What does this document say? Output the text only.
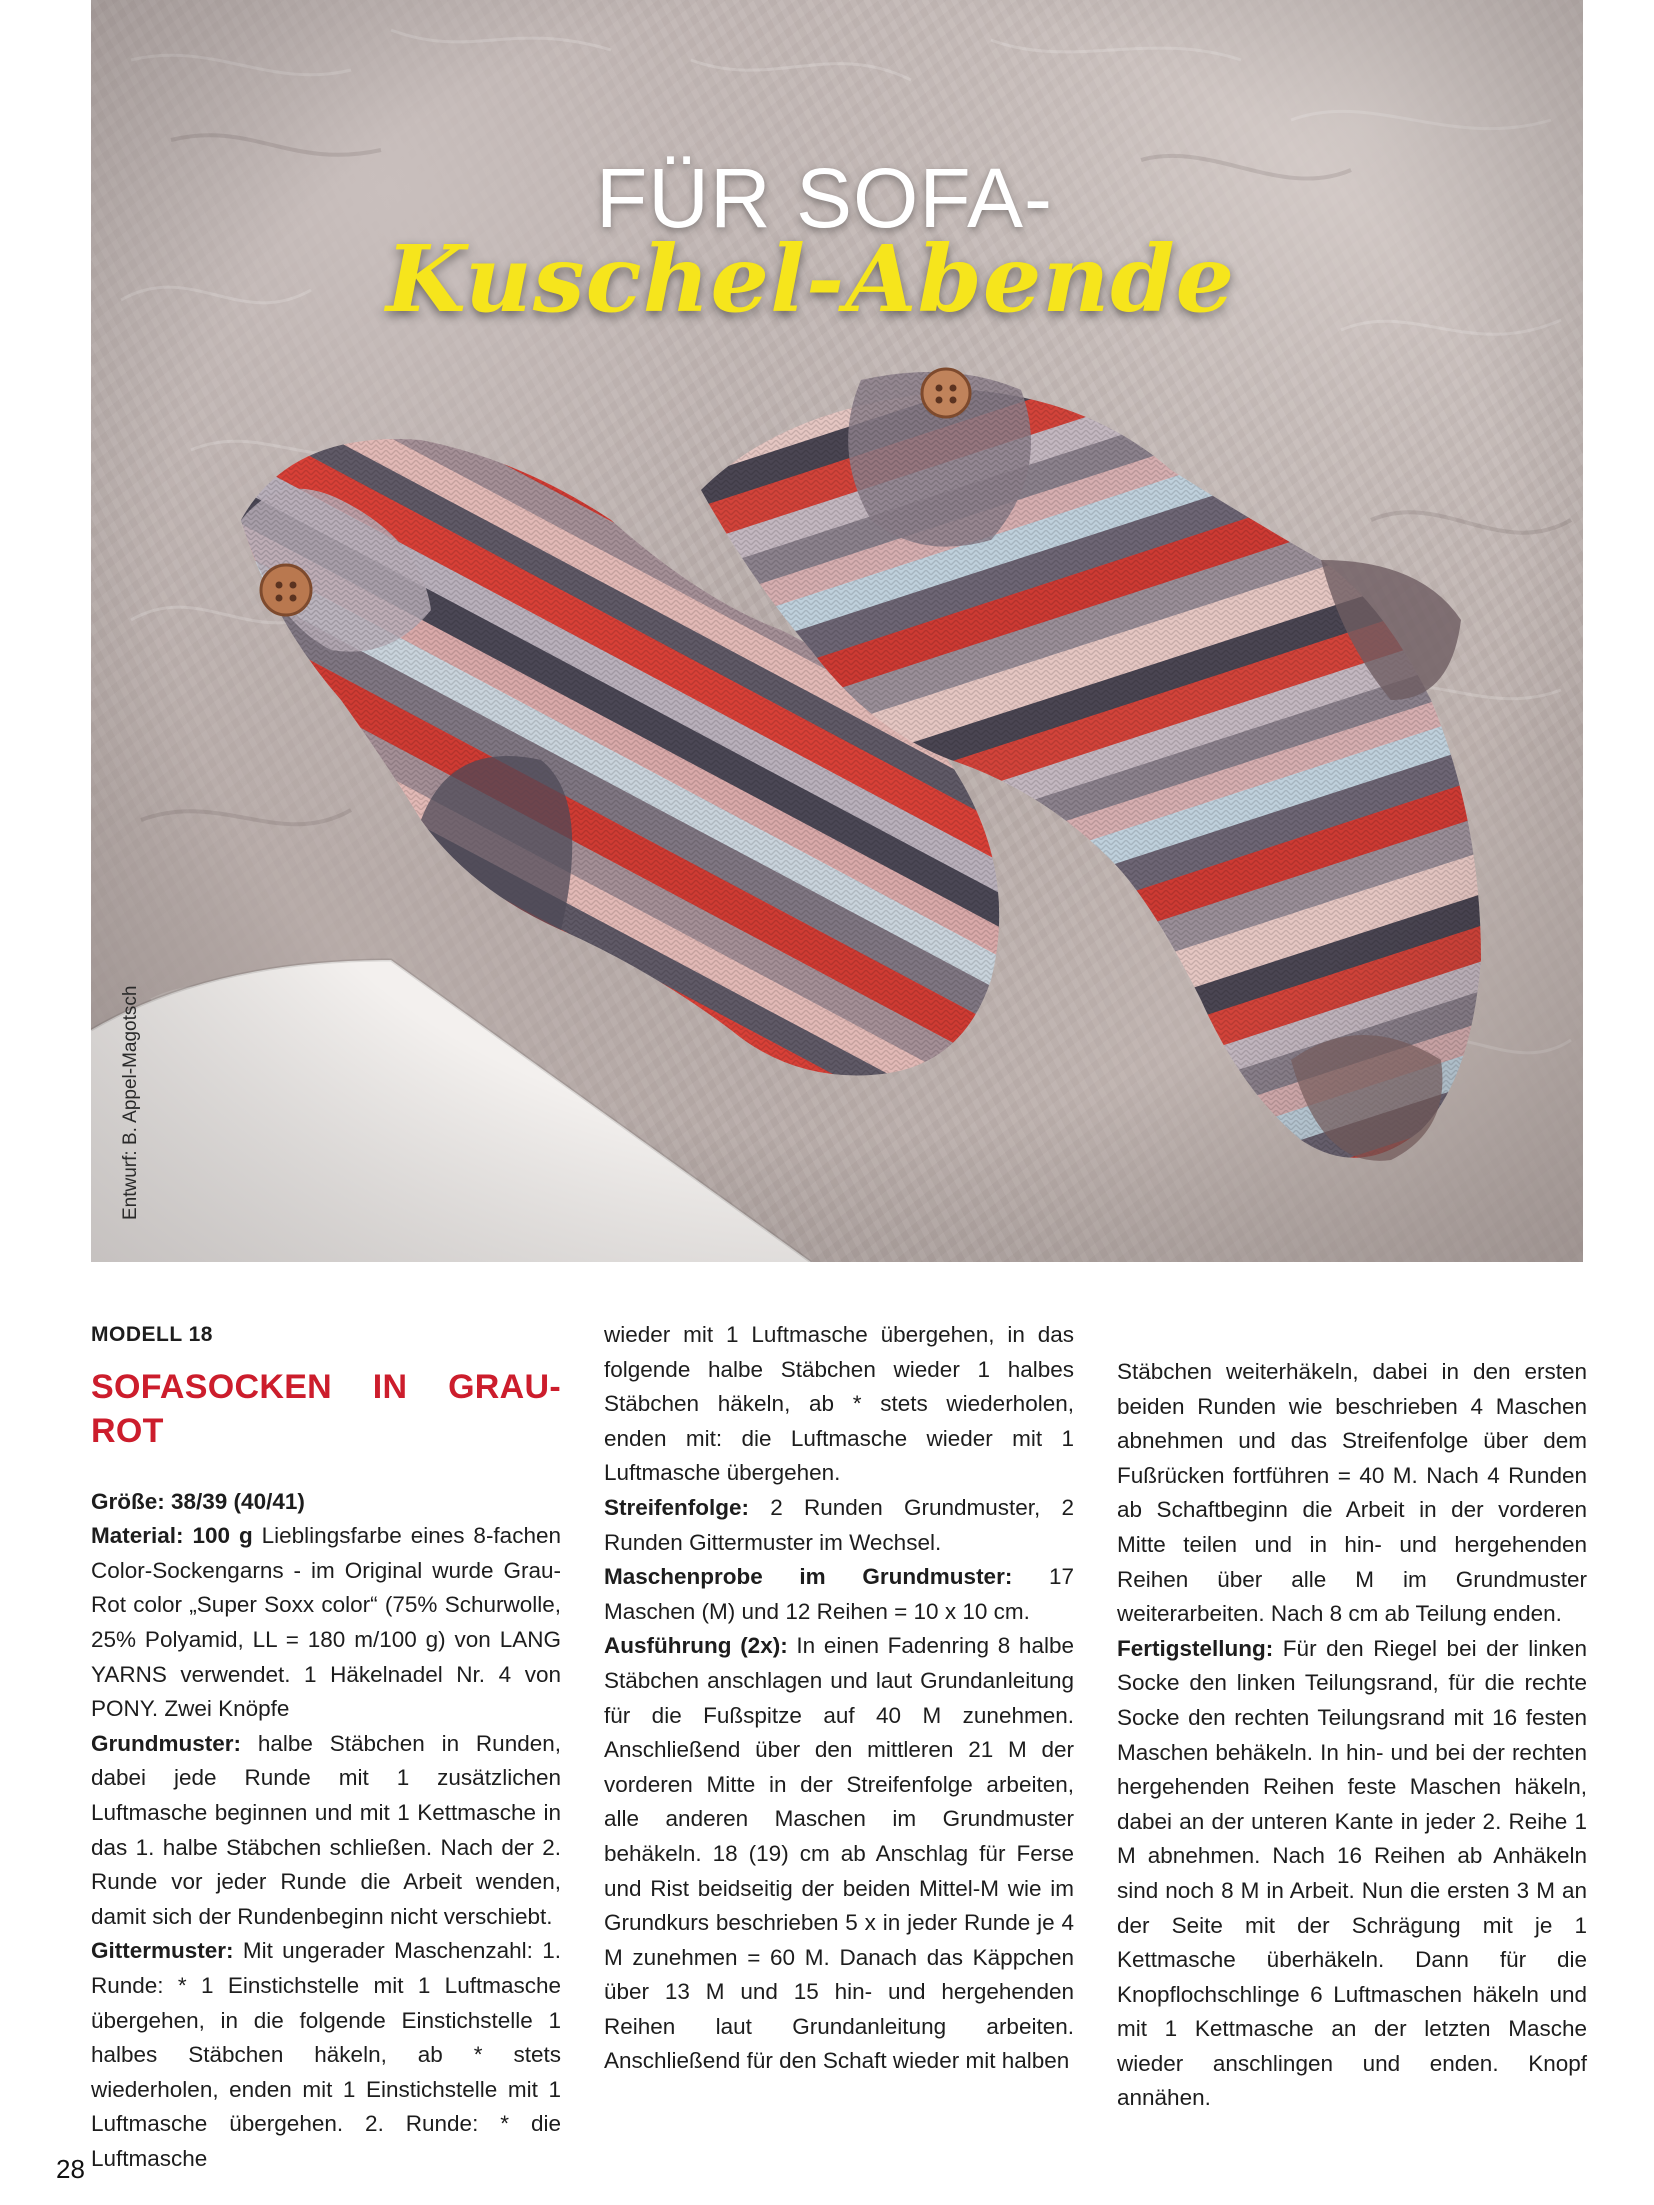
FÜR SOFA-
Kuschel-Abende
Entwurf: B. Appel-Magotsch
MODELL 18
SOFASOCKEN IN GRAU-ROT

Größe: 38/39 (40/41)

Material: 100 g Lieblingsfarbe eines 8-fachen Color-Sockengarns - im Original wurde Grau-Rot color „Super Soxx color“ (75% Schurwolle, 25% Polyamid, LL = 180 m/100 g) von LANG YARNS verwendet. 1 Häkelnadel Nr. 4 von PONY. Zwei Knöpfe

Grundmuster: halbe Stäbchen in Runden, dabei jede Runde mit 1 zusätzlichen Luftmasche beginnen und mit 1 Kettmasche in das 1. halbe Stäbchen schließen. Nach der 2. Runde vor jeder Runde die Arbeit wenden, damit sich der Rundenbeginn nicht verschiebt.

Gittermuster: Mit ungerader Maschenzahl: 1. Runde: * 1 Einstichstelle mit 1 Luftmasche übergehen, in die folgende Einstichstelle 1 halbes Stäbchen häkeln, ab * stets wiederholen, enden mit 1 Einstichstelle mit 1 Luftmasche übergehen. 2. Runde: * die Luftmasche

wieder mit 1 Luftmasche übergehen, in das folgende halbe Stäbchen wieder 1 halbes Stäbchen häkeln, ab * stets wiederholen, enden mit: die Luftmasche wieder mit 1 Luftmasche übergehen.

Streifenfolge: 2 Runden Grundmuster, 2 Runden Gittermuster im Wechsel.

Maschenprobe im Grundmuster: 17 Maschen (M) und 12 Reihen = 10 x 10 cm.

Ausführung (2x): In einen Fadenring 8 halbe Stäbchen anschlagen und laut Grundanleitung für die Fußspitze auf 40 M zunehmen. Anschließend über den mittleren 21 M der vorderen Mitte in der Streifenfolge arbeiten, alle anderen Maschen im Grundmuster behäkeln. 18 (19) cm ab Anschlag für Ferse und Rist beidseitig der beiden Mittel-M wie im Grundkurs beschrieben 5 x in jeder Runde je 4 M zunehmen = 60 M. Danach das Käppchen über 13 M und 15 hin- und hergehenden Reihen laut Grundanleitung arbeiten. Anschließend für den Schaft wieder mit halben

Stäbchen weiterhäkeln, dabei in den ersten beiden Runden wie beschrieben 4 Maschen abnehmen und das Streifenfolge über dem Fußrücken fortführen = 40 M. Nach 4 Runden ab Schaftbeginn die Arbeit in der vorderen Mitte teilen und in hin- und hergehenden Reihen über alle M im Grundmuster weiterarbeiten. Nach 8 cm ab Teilung enden.

Fertigstellung: Für den Riegel bei der linken Socke den linken Teilungsrand, für die rechte Socke den rechten Teilungsrand mit 16 festen Maschen behäkeln. In hin- und bei der rechten hergehenden Reihen feste Maschen häkeln, dabei an der unteren Kante in jeder 2. Reihe 1 M abnehmen. Nach 16 Reihen ab Anhäkeln sind noch 8 M in Arbeit. Nun die ersten 3 M an der Seite mit der Schrägung mit je 1 Kettmasche überhäkeln. Dann für die Knopflochschlinge 6 Luftmaschen häkeln und mit 1 Kettmasche an der letzten Masche wieder anschlingen und enden. Knopf annähen.

28
